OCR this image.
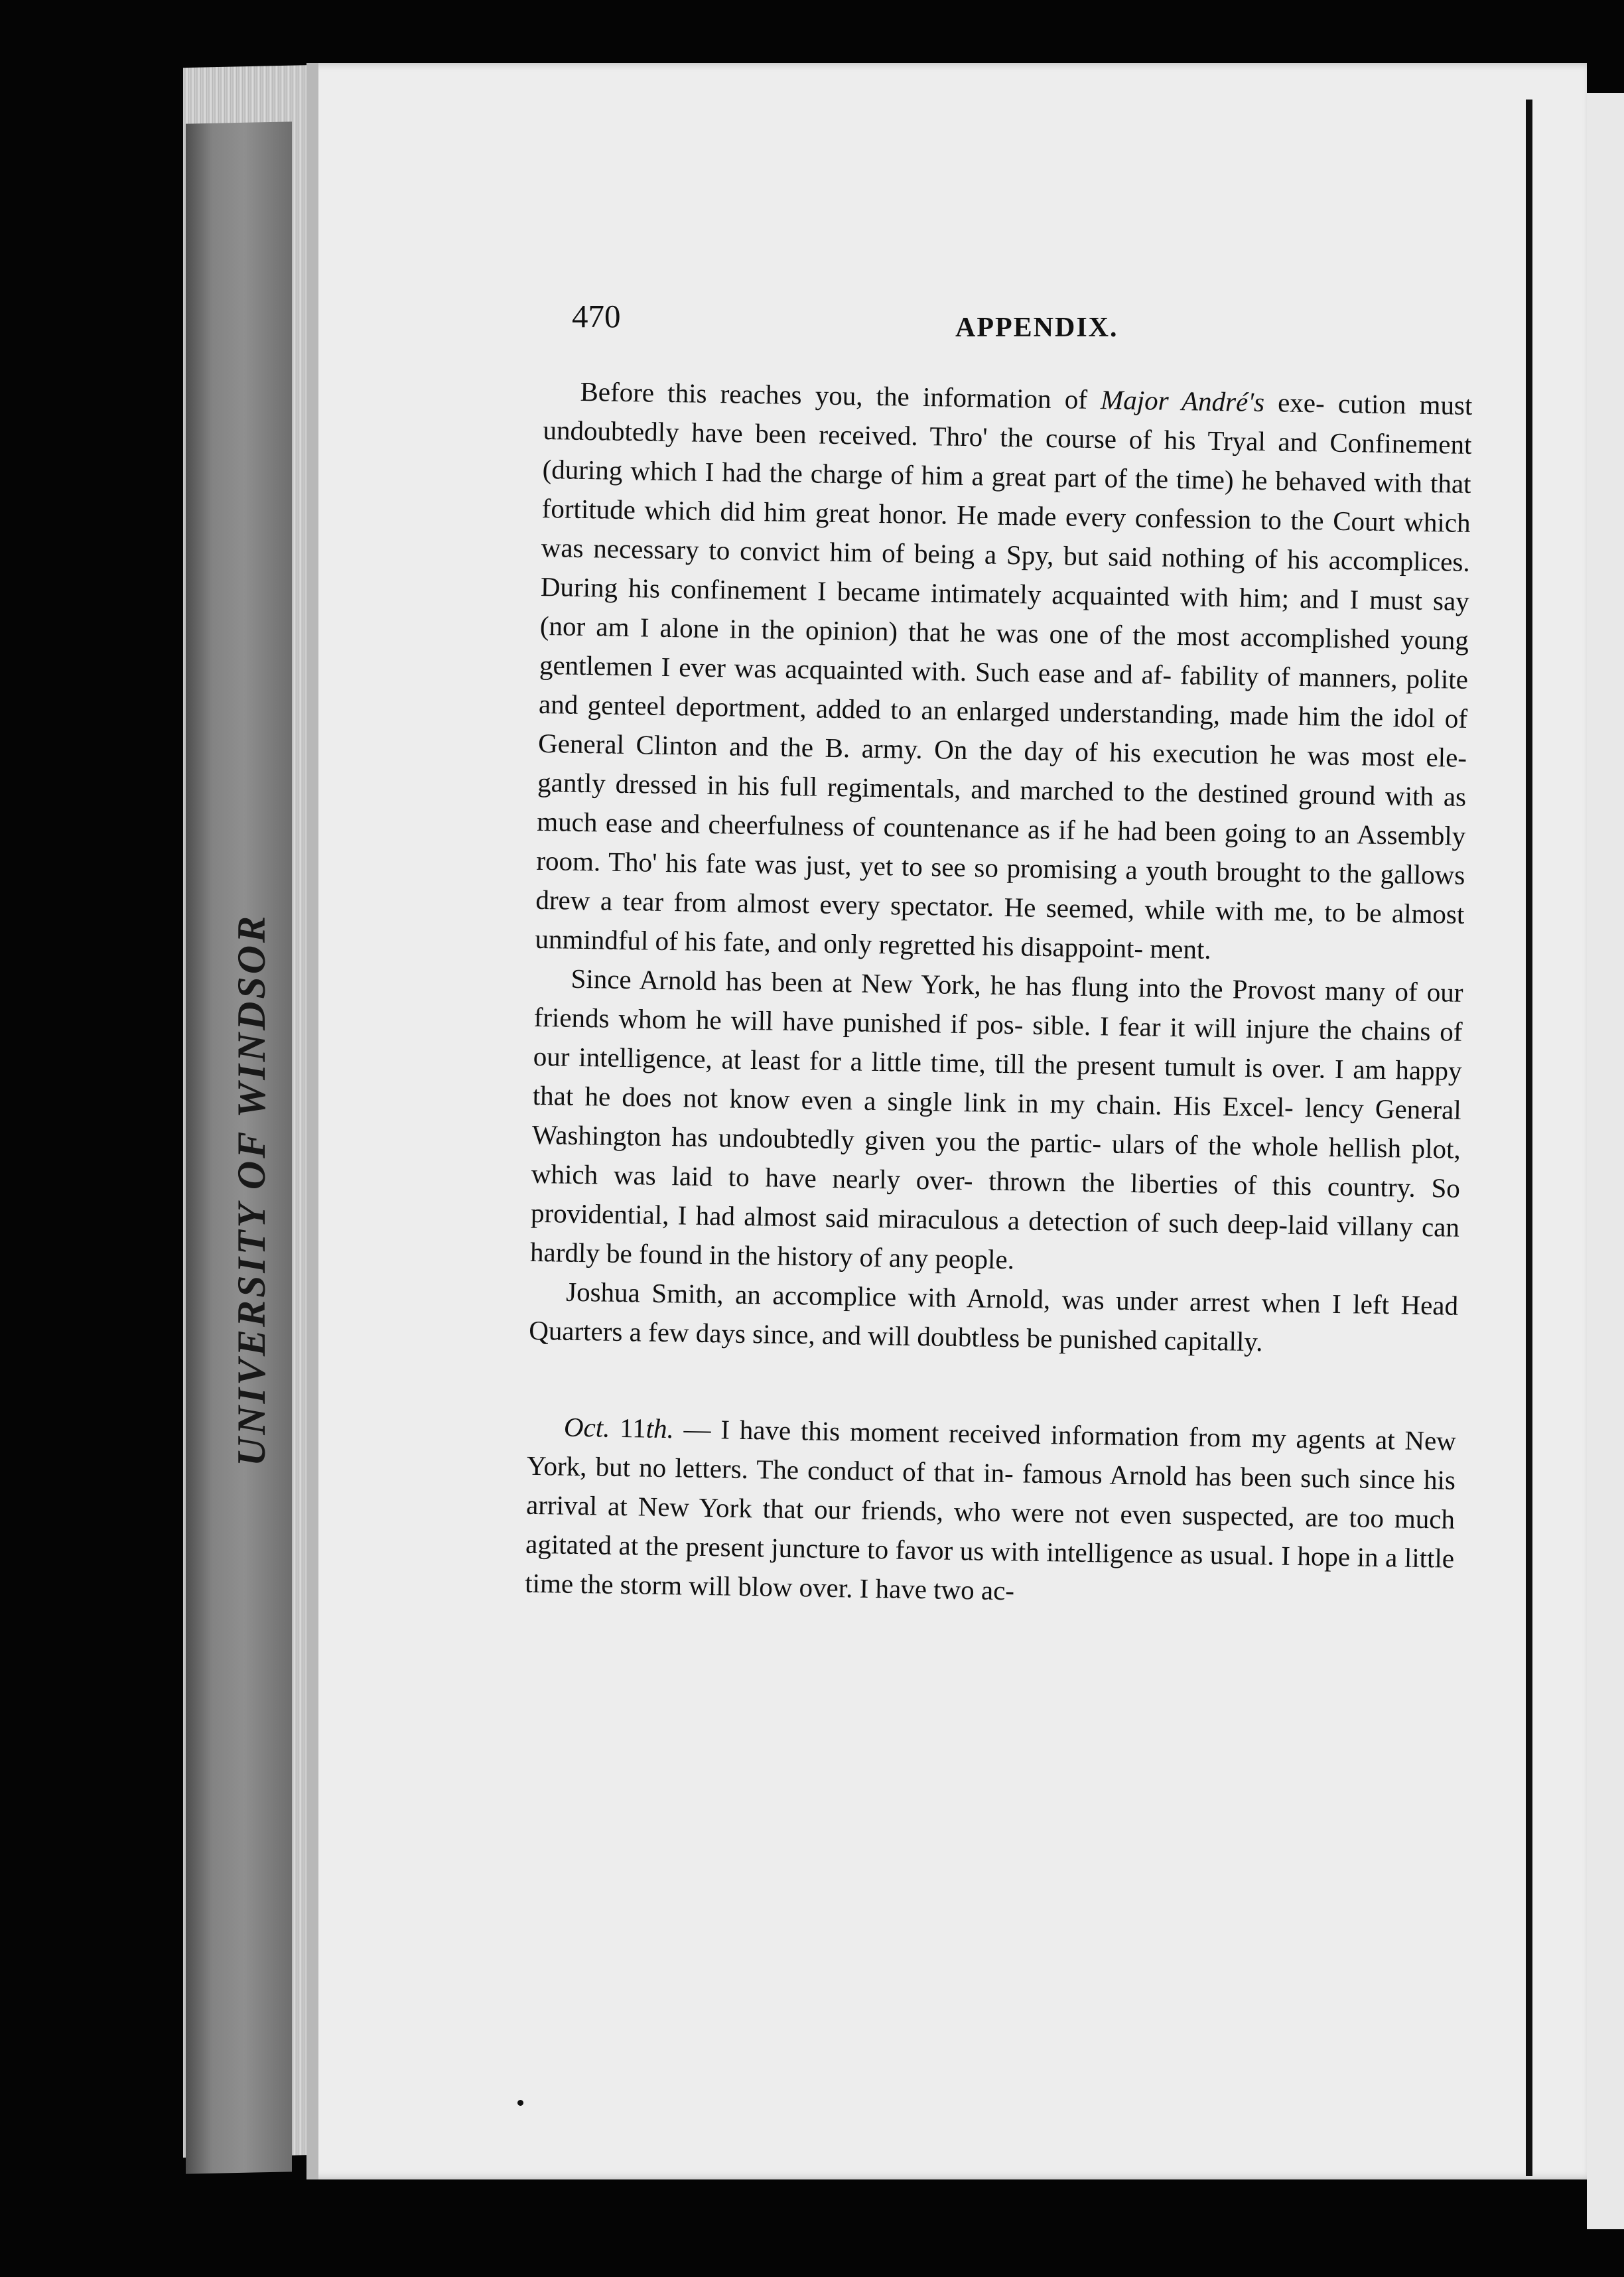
UNIVERSITY OF WINDSOR
470	APPENDIX.

Before this reaches you, the information of Major André's exe- cution must undoubtedly have been received. Thro' the course of his Tryal and Confinement (during which I had the charge of him a great part of the time) he behaved with that fortitude which did him great honor. He made every confession to the Court which was necessary to convict him of being a Spy, but said nothing of his accomplices. During his confinement I became intimately acquainted with him; and I must say (nor am I alone in the opinion) that he was one of the most accomplished young gentlemen I ever was acquainted with. Such ease and af- fability of manners, polite and genteel deportment, added to an enlarged understanding, made him the idol of General Clinton and the B. army. On the day of his execution he was most ele- gantly dressed in his full regimentals, and marched to the destined ground with as much ease and cheerfulness of countenance as if he had been going to an Assembly room. Tho' his fate was just, yet to see so promising a youth brought to the gallows drew a tear from almost every spectator. He seemed, while with me, to be almost unmindful of his fate, and only regretted his disappoint- ment.

Since Arnold has been at New York, he has flung into the Provost many of our friends whom he will have punished if pos- sible. I fear it will injure the chains of our intelligence, at least for a little time, till the present tumult is over. I am happy that he does not know even a single link in my chain. His Excel- lency General Washington has undoubtedly given you the partic- ulars of the whole hellish plot, which was laid to have nearly over- thrown the liberties of this country. So providential, I had almost said miraculous a detection of such deep-laid villany can hardly be found in the history of any people.

Joshua Smith, an accomplice with Arnold, was under arrest when I left Head Quarters a few days since, and will doubtless be punished capitally.

Oct. 11th. — I have this moment received information from my agents at New York, but no letters. The conduct of that in- famous Arnold has been such since his arrival at New York that our friends, who were not even suspected, are too much agitated at the present juncture to favor us with intelligence as usual. I hope in a little time the storm will blow over. I have two ac-
